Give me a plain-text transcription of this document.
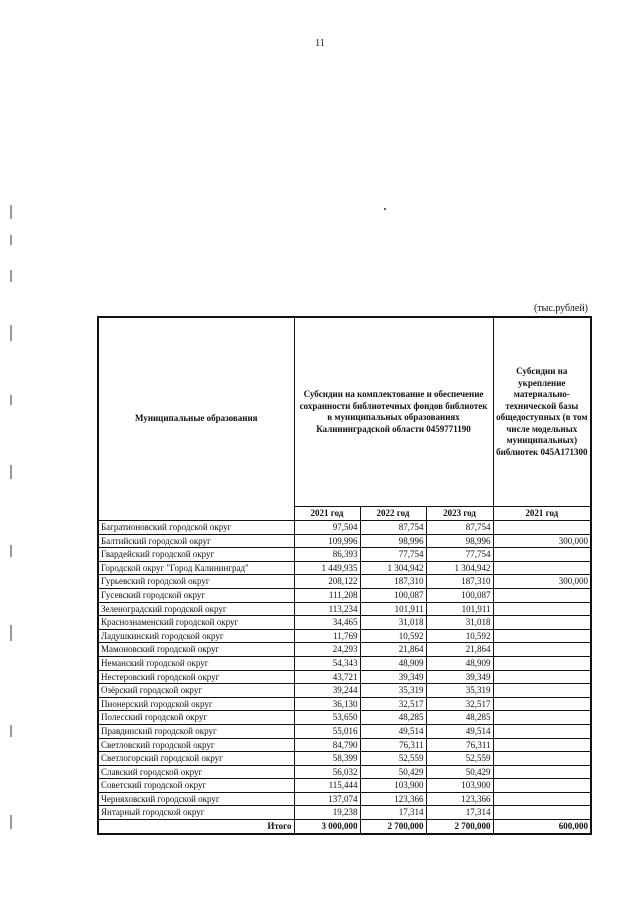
11
(тыс.рублей)
Муниципальные образования	Субсидии на комплектование и обеспечение сохранности библиотечных фондов библиотек в муниципальных образованиях Калининградской области 0459771190			Субсидии на укрепление материально-технической базы общедоступных (в том числе модельных муниципальных) библиотек 045А171300
	2021 год	2022 год	2023 год	2021 год
Багратионовский городской округ	97,504	87,754	87,754	
Балтийский городской округ	109,996	98,996	98,996	300,000
Гвардейский городской округ	86,393	77,754	77,754	
Городской округ "Город Калининград"	1 449,935	1 304,942	1 304,942	
Гурьевский городской округ	208,122	187,310	187,310	300,000
Гусевский городской округ	111,208	100,087	100,087	
Зеленоградский городской округ	113,234	101,911	101,911	
Краснознаменский городской округ	34,465	31,018	31,018	
Ладушкинский городской округ	11,769	10,592	10,592	
Мамоновский городской округ	24,293	21,864	21,864	
Неманский городской округ	54,343	48,909	48,909	
Нестеровский городской округ	43,721	39,349	39,349	
Озёрский городской округ	39,244	35,319	35,319	
Пионерский городской округ	36,130	32,517	32,517	
Полесский городской округ	53,650	48,285	48,285	
Правдинский городской округ	55,016	49,514	49,514	
Светловский городской округ	84,790	76,311	76,311	
Светлогорский городской округ	58,399	52,559	52,559	
Славский городской округ	56,032	50,429	50,429	
Советский городской округ	115,444	103,900	103,900	
Черняховский городской округ	137,074	123,366	123,366	
Янтарный городской округ	19,238	17,314	17,314	
Итого	3 000,000	2 700,000	2 700,000	600,000
